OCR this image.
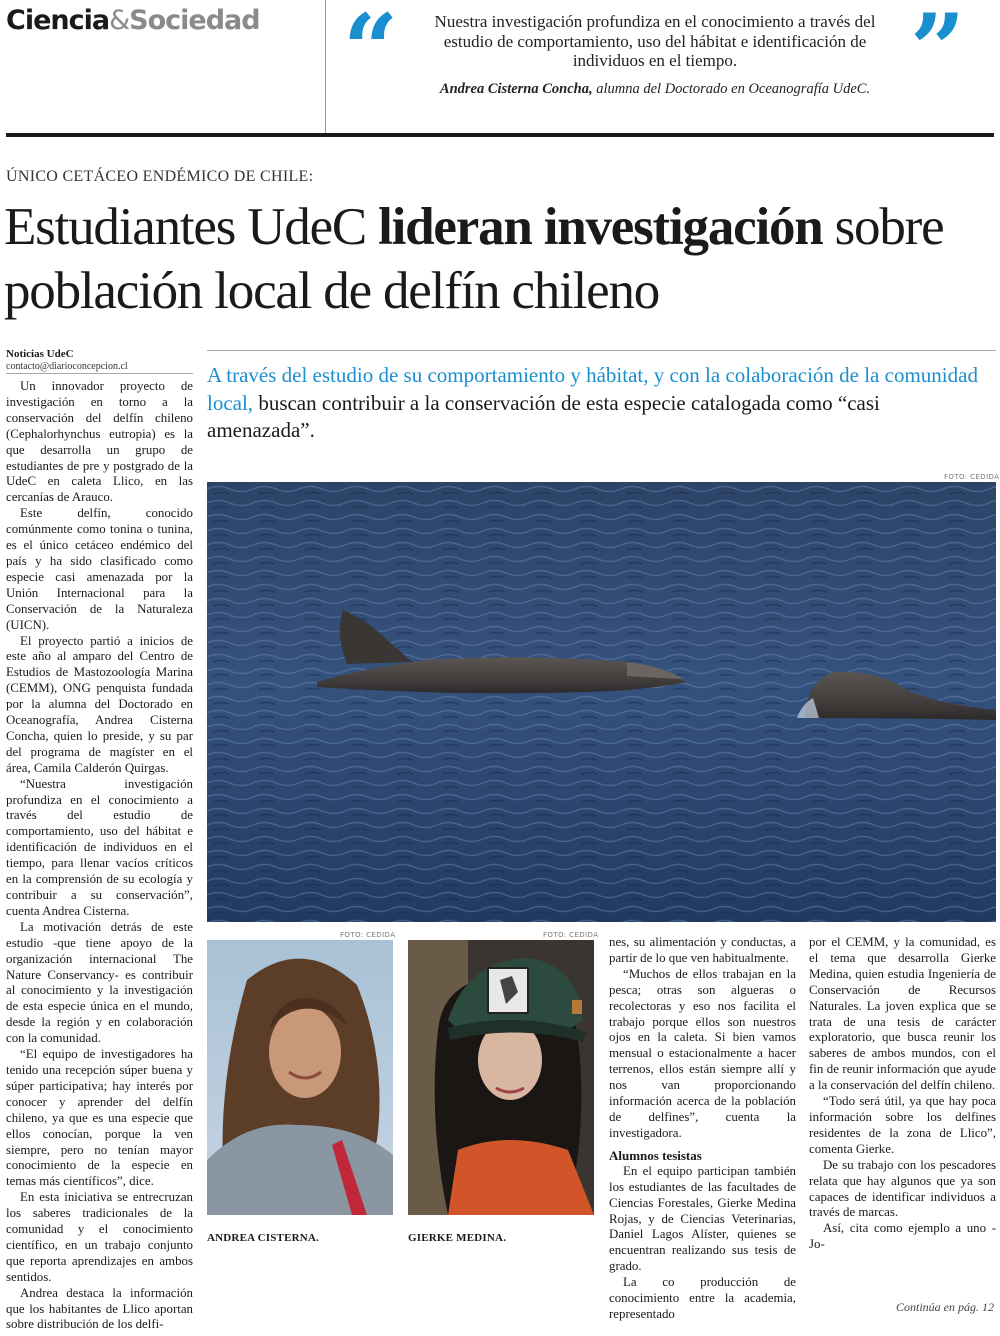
Ciencia&Sociedad “	”
Nuestra investigación profundiza en el conocimiento a través del estudio de comportamiento, uso del hábitat e identificación de individuos en el tiempo.
Andrea Cisterna Concha, alumna del Doctorado en Oceanografía UdeC.
ÚNICO CETÁCEO ENDÉMICO DE CHILE:
Estudiantes UdeC lideran investigación sobre población local de delfín chileno
Noticias UdeC
contacto@diarioconcepcion.cl

Un innovador proyecto de investigación en torno a la conservación del delfín chileno (Cephalorhynchus eutropia) es la que desarrolla un grupo de estudiantes de pre y postgrado de la UdeC en caleta Llico, en las cercanías de Arauco.

Este delfín, conocido comúnmente como tonina o tunina, es el único cetáceo endémico del país y ha sido clasificado como especie casi amenazada por la Unión Internacional para la Conservación de la Naturaleza (UICN).

El proyecto partió a inicios de este año al amparo del Centro de Estudios de Mastozoología Marina (CEMM), ONG penquista fundada por la alumna del Doctorado en Oceanografía, Andrea Cisterna Concha, quien lo preside, y su par del programa de magíster en el área, Camila Calderón Quirgas.

“Nuestra investigación profundiza en el conocimiento a través del estudio de comportamiento, uso del hábitat e identificación de individuos en el tiempo, para llenar vacíos críticos en la comprensión de su ecología y contribuir a su conservación”, cuenta Andrea Cisterna.

La motivación detrás de este estudio -que tiene apoyo de la organización internacional The Nature Conservancy- es contribuir al conocimiento y la investigación de esta especie única en el mundo, desde la región y en colaboración con la comunidad.

“El equipo de investigadores ha tenido una recepción súper buena y súper participativa; hay interés por conocer y aprender del delfín chileno, ya que es una especie que ellos conocían, porque la ven siempre, pero no tenían mayor conocimiento de la especie en temas más científicos”, dice.

En esta iniciativa se entrecruzan los saberes tradicionales de la comunidad y el conocimiento científico, en un trabajo conjunto que reporta aprendizajes en ambos sentidos.

Andrea destaca la información que los habitantes de Llico aportan sobre distribución de los delfi-

A través del estudio de su comportamiento y hábitat, y con la colaboración de la comunidad local, buscan contribuir a la conservación de esta especie catalogada como “casi amenazada”.
FOTO: CEDIDA
FOTO: CEDIDA
ANDREA CISTERNA.
FOTO: CEDIDA
GIERKE MEDINA.

nes, su alimentación y conductas, a partir de lo que ven habitualmente.

“Muchos de ellos trabajan en la pesca; otras son algueras o recolectoras y eso nos facilita el trabajo porque ellos son nuestros ojos en la caleta. Si bien vamos mensual o estacionalmente a hacer terrenos, ellos están siempre allí y nos van proporcionando información acerca de la población de delfines”, cuenta la investigadora.

Alumnos tesistas

En el equipo participan también los estudiantes de las facultades de Ciencias Forestales, Gierke Medina Rojas, y de Ciencias Veterinarias, Daniel Lagos Alíster, quienes se encuentran realizando sus tesis de grado.

La co producción de conocimiento entre la academia, representado

por el CEMM, y la comunidad, es el tema que desarrolla Gierke Medina, quien estudia Ingeniería de Conservación de Recursos Naturales. La joven explica que se trata de una tesis de carácter exploratorio, que busca reunir los saberes de ambos mundos, con el fin de reunir información que ayude a la conservación del delfín chileno.

“Todo será útil, ya que hay poca información sobre los delfines residentes de la zona de Llico”, comenta Gierke.

De su trabajo con los pescadores relata que hay algunos que ya son capaces de identificar individuos a través de marcas.

Así, cita como ejemplo a uno -Jo-

Continúa en pág. 12
